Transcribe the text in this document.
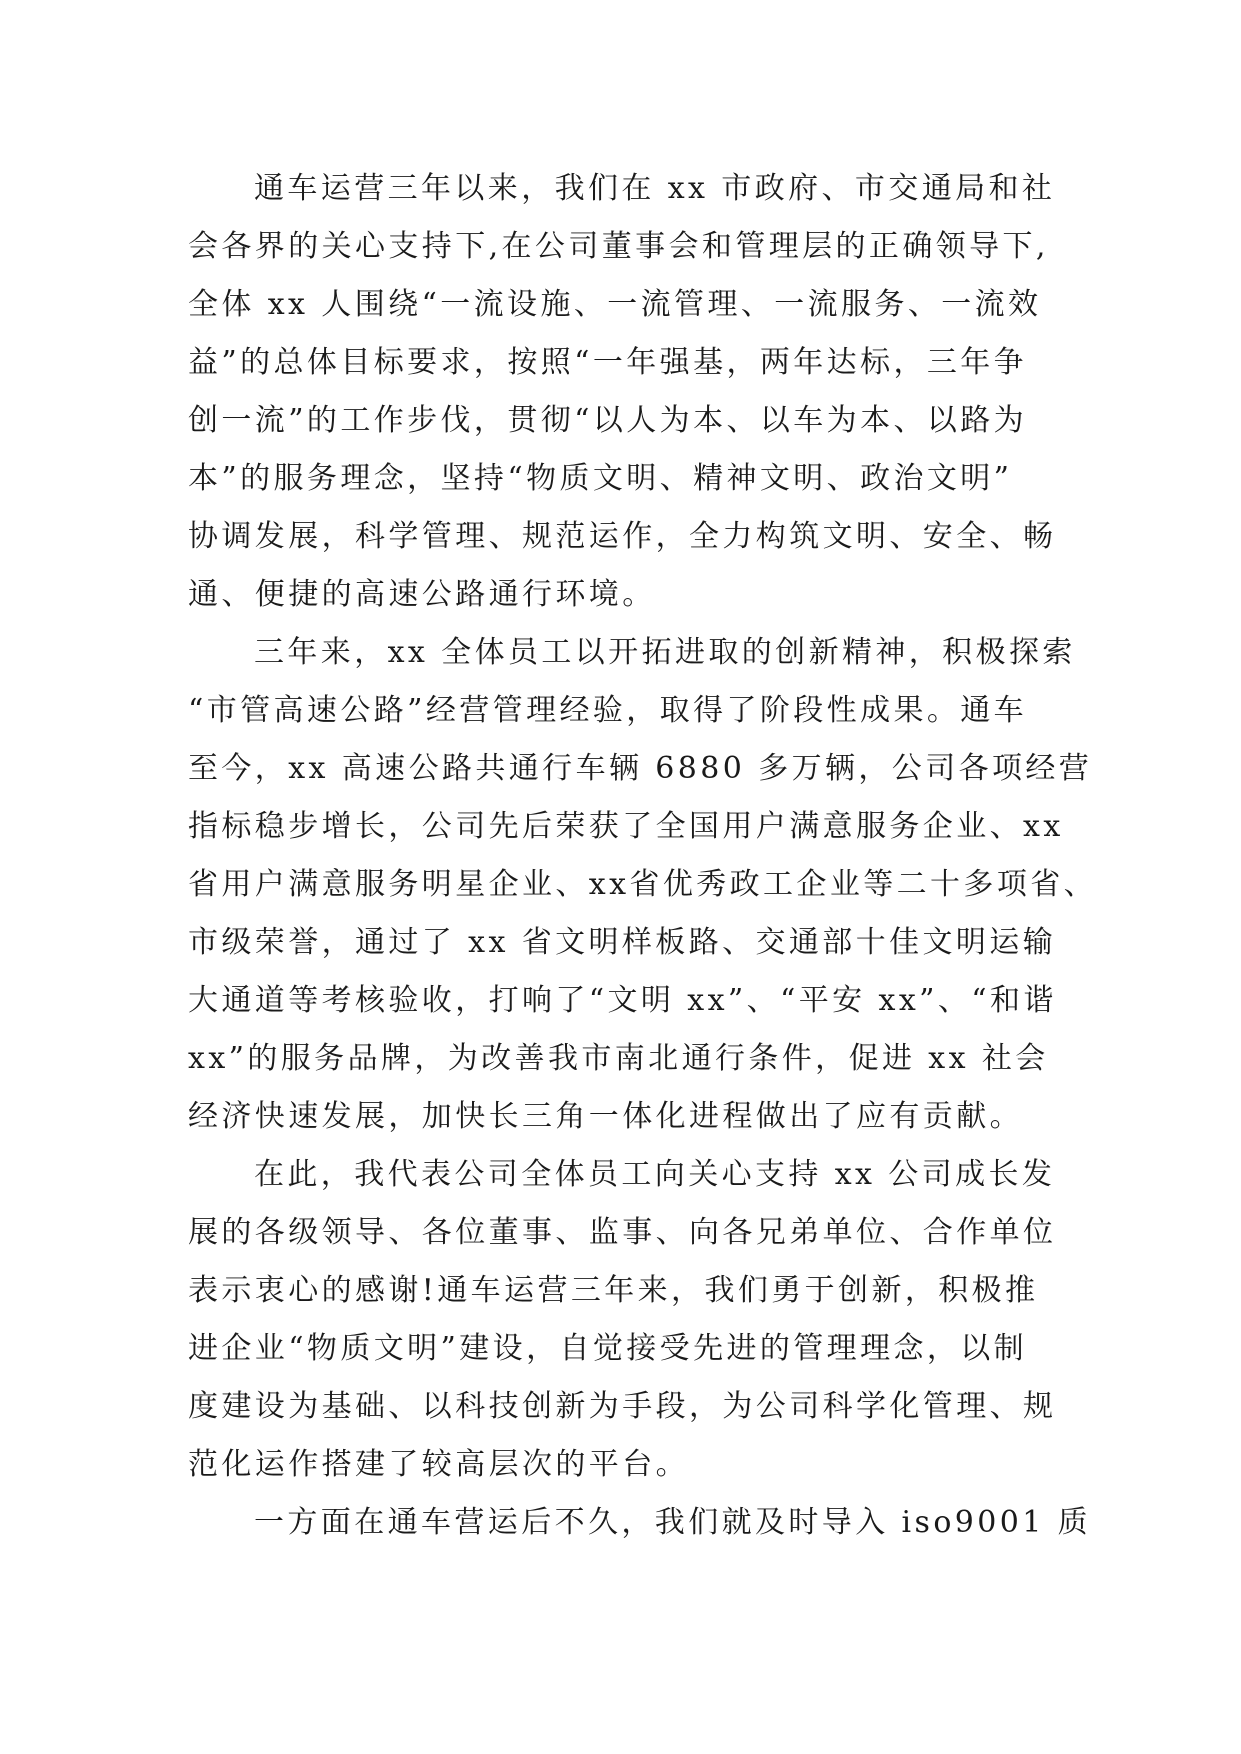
通车运营三年以来，我们在 xx 市政府、市交通局和社
会各界的关心支持下,在公司董事会和管理层的正确领导下,
全体 xx 人围绕“一流设施、一流管理、一流服务、一流效
益”的总体目标要求，按照“一年强基，两年达标，三年争
创一流”的工作步伐，贯彻“以人为本、以车为本、以路为
本”的服务理念，坚持“物质文明、精神文明、政治文明”
协调发展，科学管理、规范运作，全力构筑文明、安全、畅
通、便捷的高速公路通行环境。
三年来，xx 全体员工以开拓进取的创新精神，积极探索
“市管高速公路”经营管理经验，取得了阶段性成果。通车
至今，xx 高速公路共通行车辆 6880 多万辆，公司各项经营
指标稳步增长，公司先后荣获了全国用户满意服务企业、xx
省用户满意服务明星企业、xx省优秀政工企业等二十多项省、
市级荣誉，通过了 xx 省文明样板路、交通部十佳文明运输
大通道等考核验收，打响了“文明 xx”、“平安 xx”、“和谐
xx”的服务品牌，为改善我市南北通行条件，促进 xx 社会
经济快速发展，加快长三角一体化进程做出了应有贡献。
在此，我代表公司全体员工向关心支持 xx 公司成长发
展的各级领导、各位董事、监事、向各兄弟单位、合作单位
表示衷心的感谢!通车运营三年来，我们勇于创新，积极推
进企业“物质文明”建设，自觉接受先进的管理理念，以制
度建设为基础、以科技创新为手段，为公司科学化管理、规
范化运作搭建了较高层次的平台。
一方面在通车营运后不久，我们就及时导入 iso9001 质
